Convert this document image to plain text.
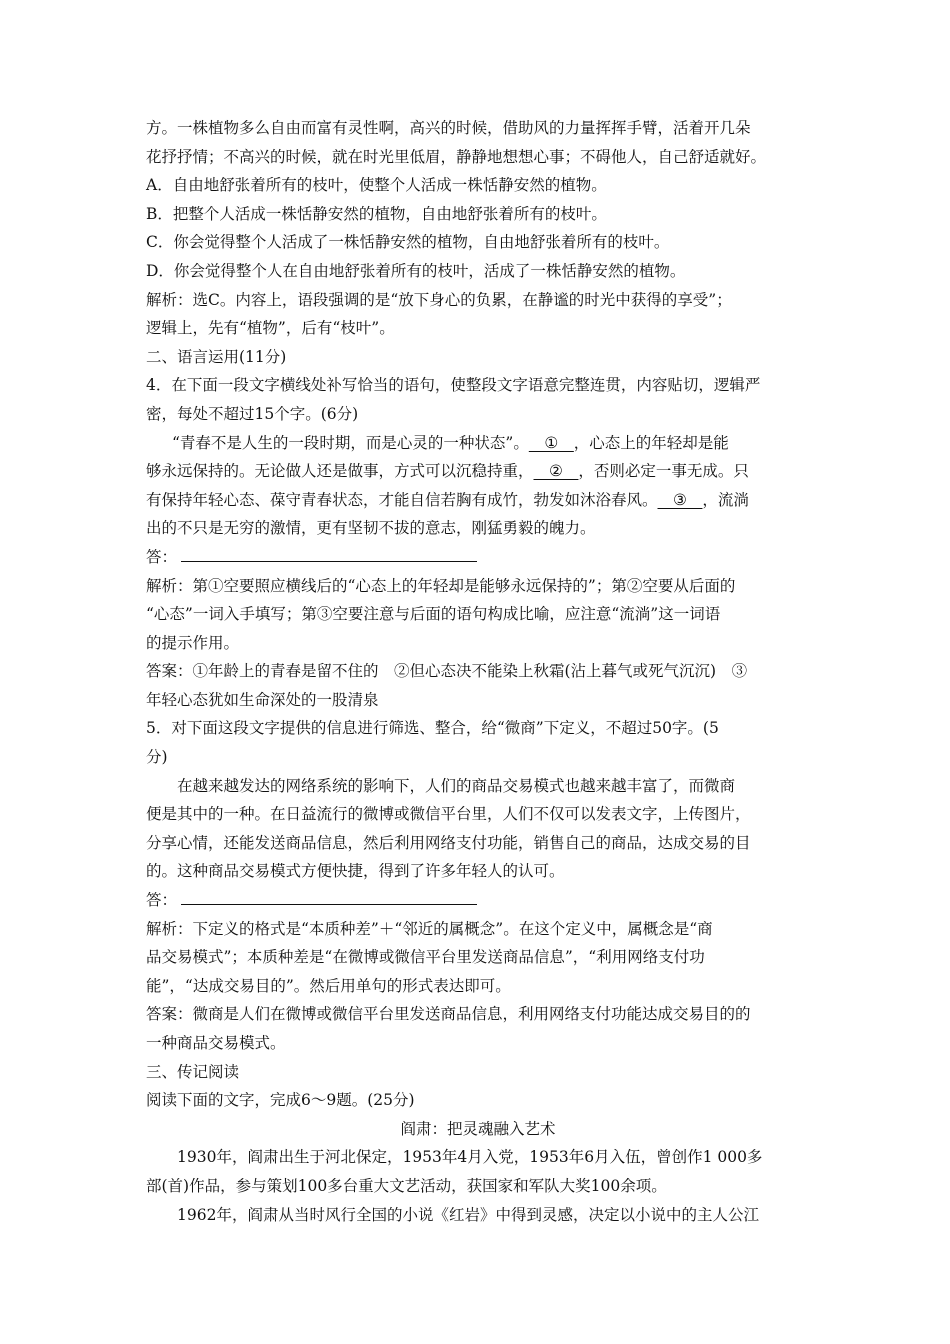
方。一株植物多么自由而富有灵性啊，高兴的时候，借助风的力量挥挥手臂，活着开几朵
花抒抒情；不高兴的时候，就在时光里低眉，静静地想想心事；不碍他人，自己舒适就好。
A．自由地舒张着所有的枝叶，使整个人活成一株恬静安然的植物。
B．把整个人活成一株恬静安然的植物，自由地舒张着所有的枝叶。
C．你会觉得整个人活成了一株恬静安然的植物，自由地舒张着所有的枝叶。
D．你会觉得整个人在自由地舒张着所有的枝叶，活成了一株恬静安然的植物。
解析：选C。内容上，语段强调的是“放下身心的负累，在静谧的时光中获得的享受”；
逻辑上，先有“植物”，后有“枝叶”。
二、语言运用(11分)
4．在下面一段文字横线处补写恰当的语句，使整段文字语意完整连贯，内容贴切，逻辑严
密，每处不超过15个字。(6分)
“青春不是人生的一段时期，而是心灵的一种状态”。__①__，心态上的年轻却是能
够永远保持的。无论做人还是做事，方式可以沉稳持重，__②__，否则必定一事无成。只
有保持年轻心态、葆守青春状态，才能自信若胸有成竹，勃发如沐浴春风。__③__，流淌
出的不只是无穷的激情，更有坚韧不拔的意志，刚猛勇毅的魄力。
答：
解析：第①空要照应横线后的“心态上的年轻却是能够永远保持的”；第②空要从后面的
“心态”一词入手填写；第③空要注意与后面的语句构成比喻，应注意“流淌”这一词语
的提示作用。
答案：①年龄上的青春是留不住的　②但心态决不能染上秋霜(沾上暮气或死气沉沉)　③
年轻心态犹如生命深处的一股清泉
5．对下面这段文字提供的信息进行筛选、整合，给“微商”下定义，不超过50字。(5
分)
在越来越发达的网络系统的影响下，人们的商品交易模式也越来越丰富了，而微商
便是其中的一种。在日益流行的微博或微信平台里，人们不仅可以发表文字，上传图片，
分享心情，还能发送商品信息，然后利用网络支付功能，销售自己的商品，达成交易的目
的。这种商品交易模式方便快捷，得到了许多年轻人的认可。
答：
解析：下定义的格式是“本质种差”＋“邻近的属概念”。在这个定义中，属概念是“商
品交易模式”；本质种差是“在微博或微信平台里发送商品信息”，“利用网络支付功
能”，“达成交易目的”。然后用单句的形式表达即可。
答案：微商是人们在微博或微信平台里发送商品信息，利用网络支付功能达成交易目的的
一种商品交易模式。
三、传记阅读
阅读下面的文字，完成6～9题。(25分)
阎肃：把灵魂融入艺术
1930年，阎肃出生于河北保定，1953年4月入党，1953年6月入伍，曾创作1 000多
部(首)作品，参与策划100多台重大文艺活动，获国家和军队大奖100余项。
1962年，阎肃从当时风行全国的小说《红岩》中得到灵感，决定以小说中的主人公江
